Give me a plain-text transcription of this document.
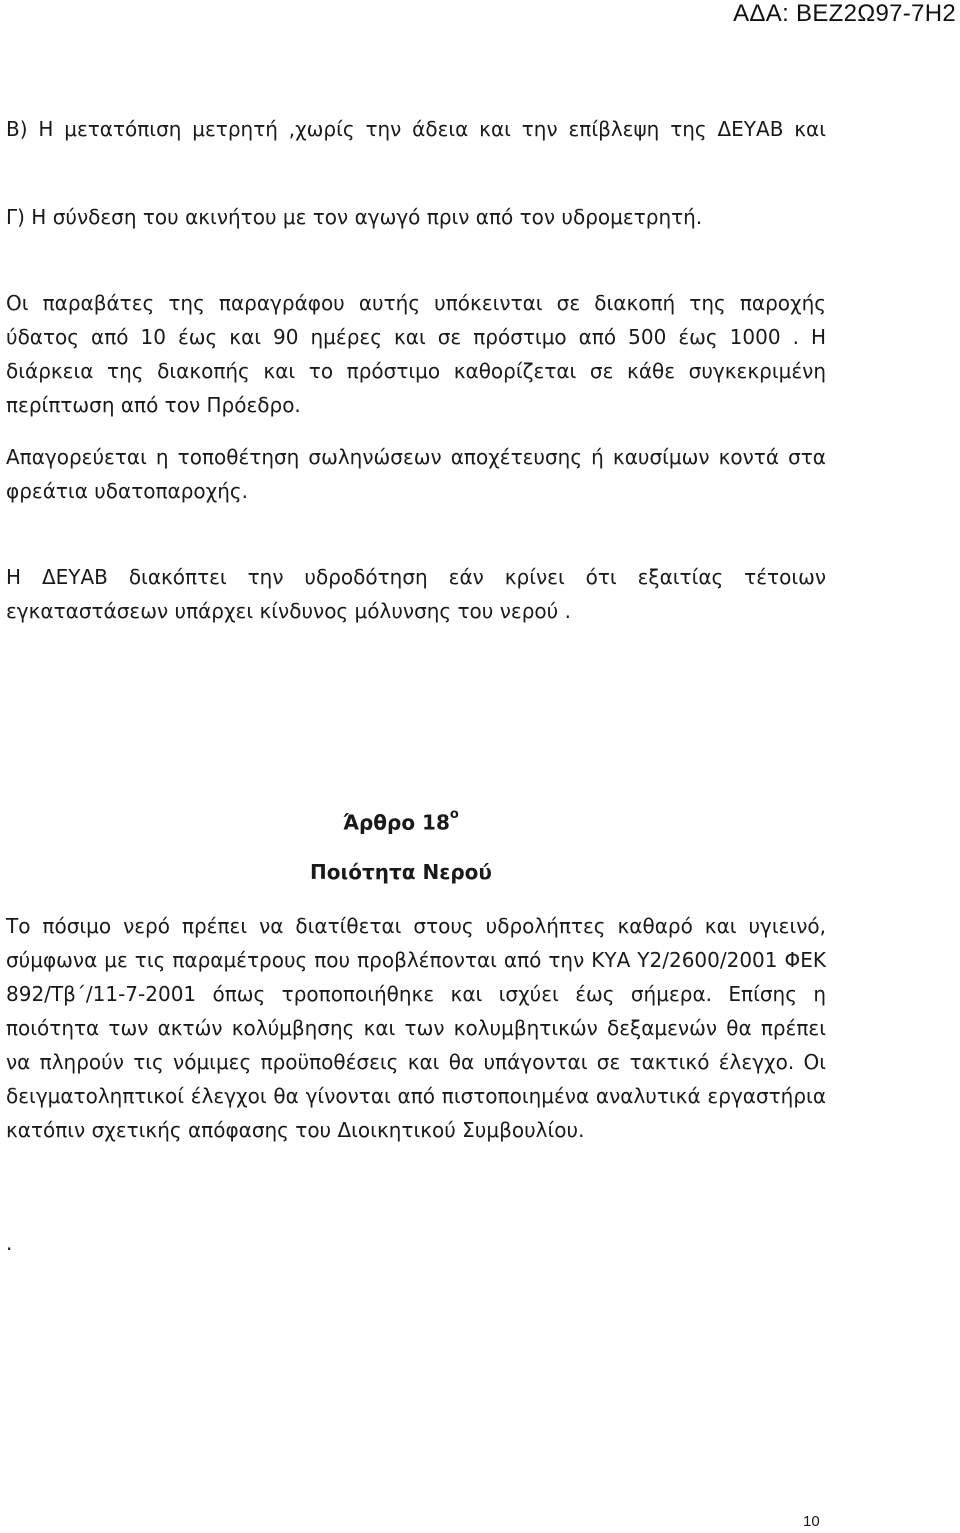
ΑΔΑ: ΒΕΖ2Ω97-7Η2
Β) Η μετατόπιση μετρητή ,χωρίς την άδεια και την επίβλεψη της ΔΕΥΑΒ και
Γ) Η σύνδεση του ακινήτου με τον αγωγό πριν από τον υδρομετρητή.
Οι παραβάτες της παραγράφου αυτής υπόκεινται σε διακοπή της παροχής ύδατος από 10 έως και 90 ημέρες και σε πρόστιμο από 500 έως 1000 . Η διάρκεια της διακοπής και το πρόστιμο καθορίζεται σε κάθε συγκεκριμένη περίπτωση από τον Πρόεδρο.
Απαγορεύεται η τοποθέτηση σωληνώσεων αποχέτευσης ή καυσίμων κοντά στα φρεάτια υδατοπαροχής.
Η ΔΕΥΑΒ διακόπτει την υδροδότηση εάν κρίνει ότι εξαιτίας τέτοιων εγκαταστάσεων υπάρχει κίνδυνος μόλυνσης του νερού .
Άρθρο $18^o$
Ποιότητα Νερού
Το πόσιμο νερό πρέπει να διατίθεται στους υδρολήπτες καθαρό και υγιεινό, σύμφωνα με τις παραμέτρους που προβλέπονται από την ΚΥΑ Υ2/2600/2001 ΦΕΚ 892/Τβ΄/11-7-2001 όπως τροποποιήθηκε και ισχύει έως σήμερα. Επίσης η ποιότητα των ακτών κολύμβησης και των κολυμβητικών δεξαμενών θα πρέπει να πληρούν τις νόμιμες προϋποθέσεις και θα υπάγονται σε τακτικό έλεγχο. Οι δειγματοληπτικοί έλεγχοι θα γίνονται από πιστοποιημένα αναλυτικά εργαστήρια κατόπιν σχετικής απόφασης του Διοικητικού Συμβουλίου.
.
10
